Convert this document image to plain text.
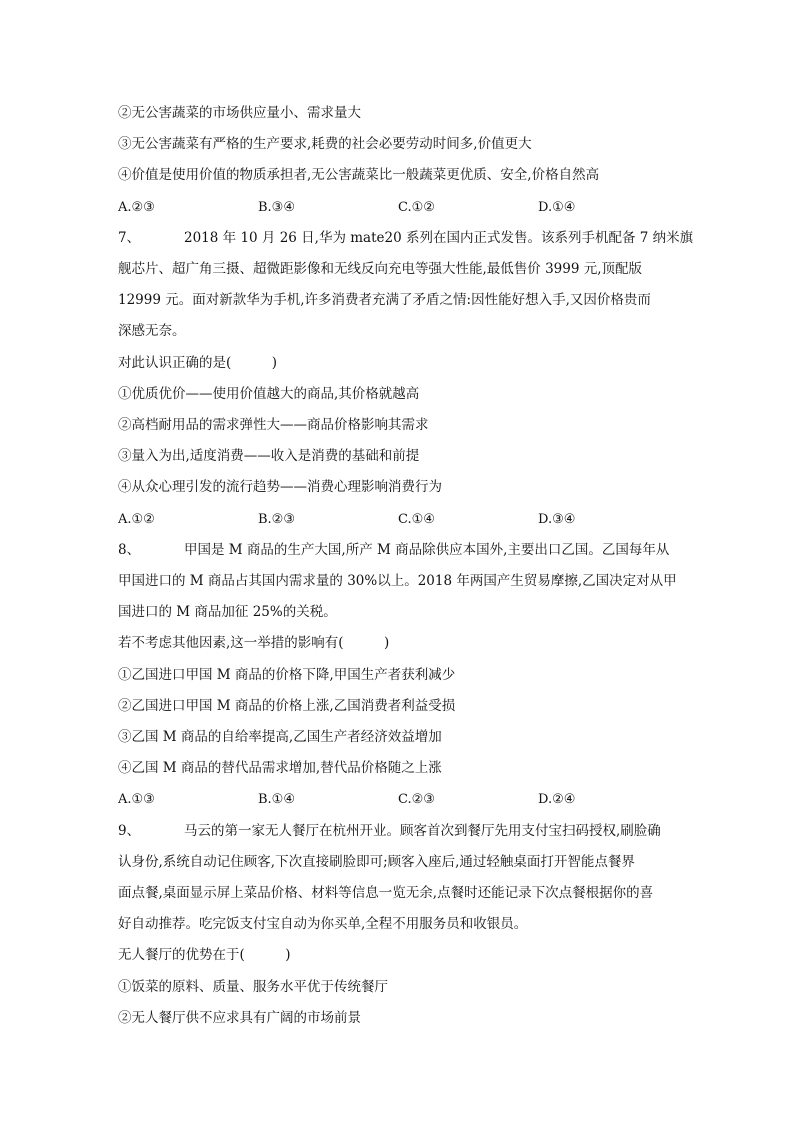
②无公害蔬菜的市场供应量小、需求量大
③无公害蔬菜有严格的生产要求,耗费的社会必要劳动时间多,价值更大
④价值是使用价值的物质承担者,无公害蔬菜比一般蔬菜更优质、安全,价格自然高
A.②③	B.③④	C.①②	D.①④
7、	2018 年 10 月 26 日,华为 mate20 系列在国内正式发售。该系列手机配备 7 纳米旗
舰芯片、超广角三摄、超微距影像和无线反向充电等强大性能,最低售价 3999 元,顶配版
12999 元。面对新款华为手机,许多消费者充满了矛盾之情:因性能好想入手,又因价格贵而
深感无奈。
对此认识正确的是(　　　)
①优质优价——使用价值越大的商品,其价格就越高
②高档耐用品的需求弹性大——商品价格影响其需求
③量入为出,适度消费——收入是消费的基础和前提
④从众心理引发的流行趋势——消费心理影响消费行为
A.①②	B.②③	C.①④	D.③④
8、	甲国是 M 商品的生产大国,所产 M 商品除供应本国外,主要出口乙国。乙国每年从
甲国进口的 M 商品占其国内需求量的 30%以上。2018 年两国产生贸易摩擦,乙国决定对从甲
国进口的 M 商品加征 25%的关税。
若不考虑其他因素,这一举措的影响有(　　　)
①乙国进口甲国 M 商品的价格下降,甲国生产者获利减少
②乙国进口甲国 M 商品的价格上涨,乙国消费者利益受损
③乙国 M 商品的自给率提高,乙国生产者经济效益增加
④乙国 M 商品的替代品需求增加,替代品价格随之上涨
A.①③	B.①④	C.②③	D.②④
9、	马云的第一家无人餐厅在杭州开业。顾客首次到餐厅先用支付宝扫码授权,刷脸确
认身份,系统自动记住顾客,下次直接刷脸即可;顾客入座后,通过轻触桌面打开智能点餐界
面点餐,桌面显示屏上菜品价格、材料等信息一览无余,点餐时还能记录下次点餐根据你的喜
好自动推荐。吃完饭支付宝自动为你买单,全程不用服务员和收银员。
无人餐厅的优势在于(　　　)
①饭菜的原料、质量、服务水平优于传统餐厅
②无人餐厅供不应求具有广阔的市场前景
